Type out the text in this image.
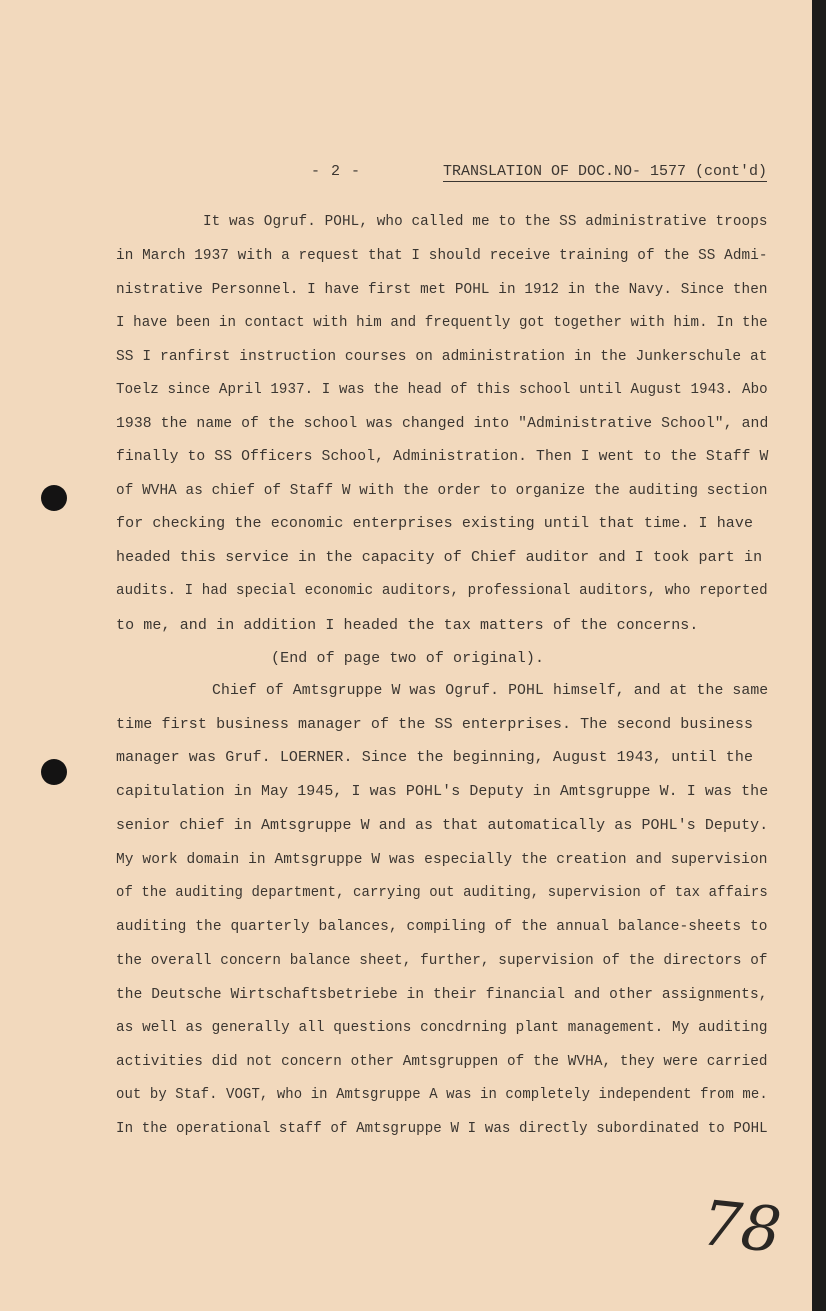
- 2 -	TRANSLATION OF DOC.NO- 1577 (cont'd)
It was Ogruf. POHL, who called me to the SS administrative troops
in March 1937 with a request that I should receive training of the SS Admi-
nistrative Personnel. I have first met POHL in 1912 in the Navy. Since then
I have been in contact with him and frequently got together with him. In the
SS I ranfirst instruction courses on administration in the Junkerschule at
Toelz since April 1937. I was the head of this school until August 1943. Abo
1938 the name of the school was changed into "Administrative School", and
finally to SS Officers School, Administration. Then I went to the Staff W
of WVHA as chief of Staff W with the order to organize the auditing section
for checking the economic enterprises existing until that time. I have
headed this service in the capacity of Chief auditor and I took part in
audits. I had special economic auditors, professional auditors, who reported
to me, and in addition I headed the tax matters of the concerns.
(End of page two of original).
Chief of Amtsgruppe W was Ogruf. POHL himself, and at the same
time first business manager of the SS enterprises. The second business
manager was Gruf. LOERNER. Since the beginning, August 1943, until the
capitulation in May 1945, I was POHL's Deputy in Amtsgruppe W. I was the
senior chief in Amtsgruppe W and as that automatically as POHL's Deputy.
My work domain in Amtsgruppe W was especially the creation and supervision
of the auditing department, carrying out auditing, supervision of tax affairs
auditing the quarterly balances, compiling of the annual balance-sheets to
the overall concern balance sheet, further, supervision of the directors of
the Deutsche Wirtschaftsbetriebe in their financial and other assignments,
as well as generally all questions concdrning plant management. My auditing
activities did not concern other Amtsgruppen of the WVHA, they were carried
out by Staf. VOGT, who in Amtsgruppe A was in completely independent from me.
In the operational staff of Amtsgruppe W I was directly subordinated to POHL
78
